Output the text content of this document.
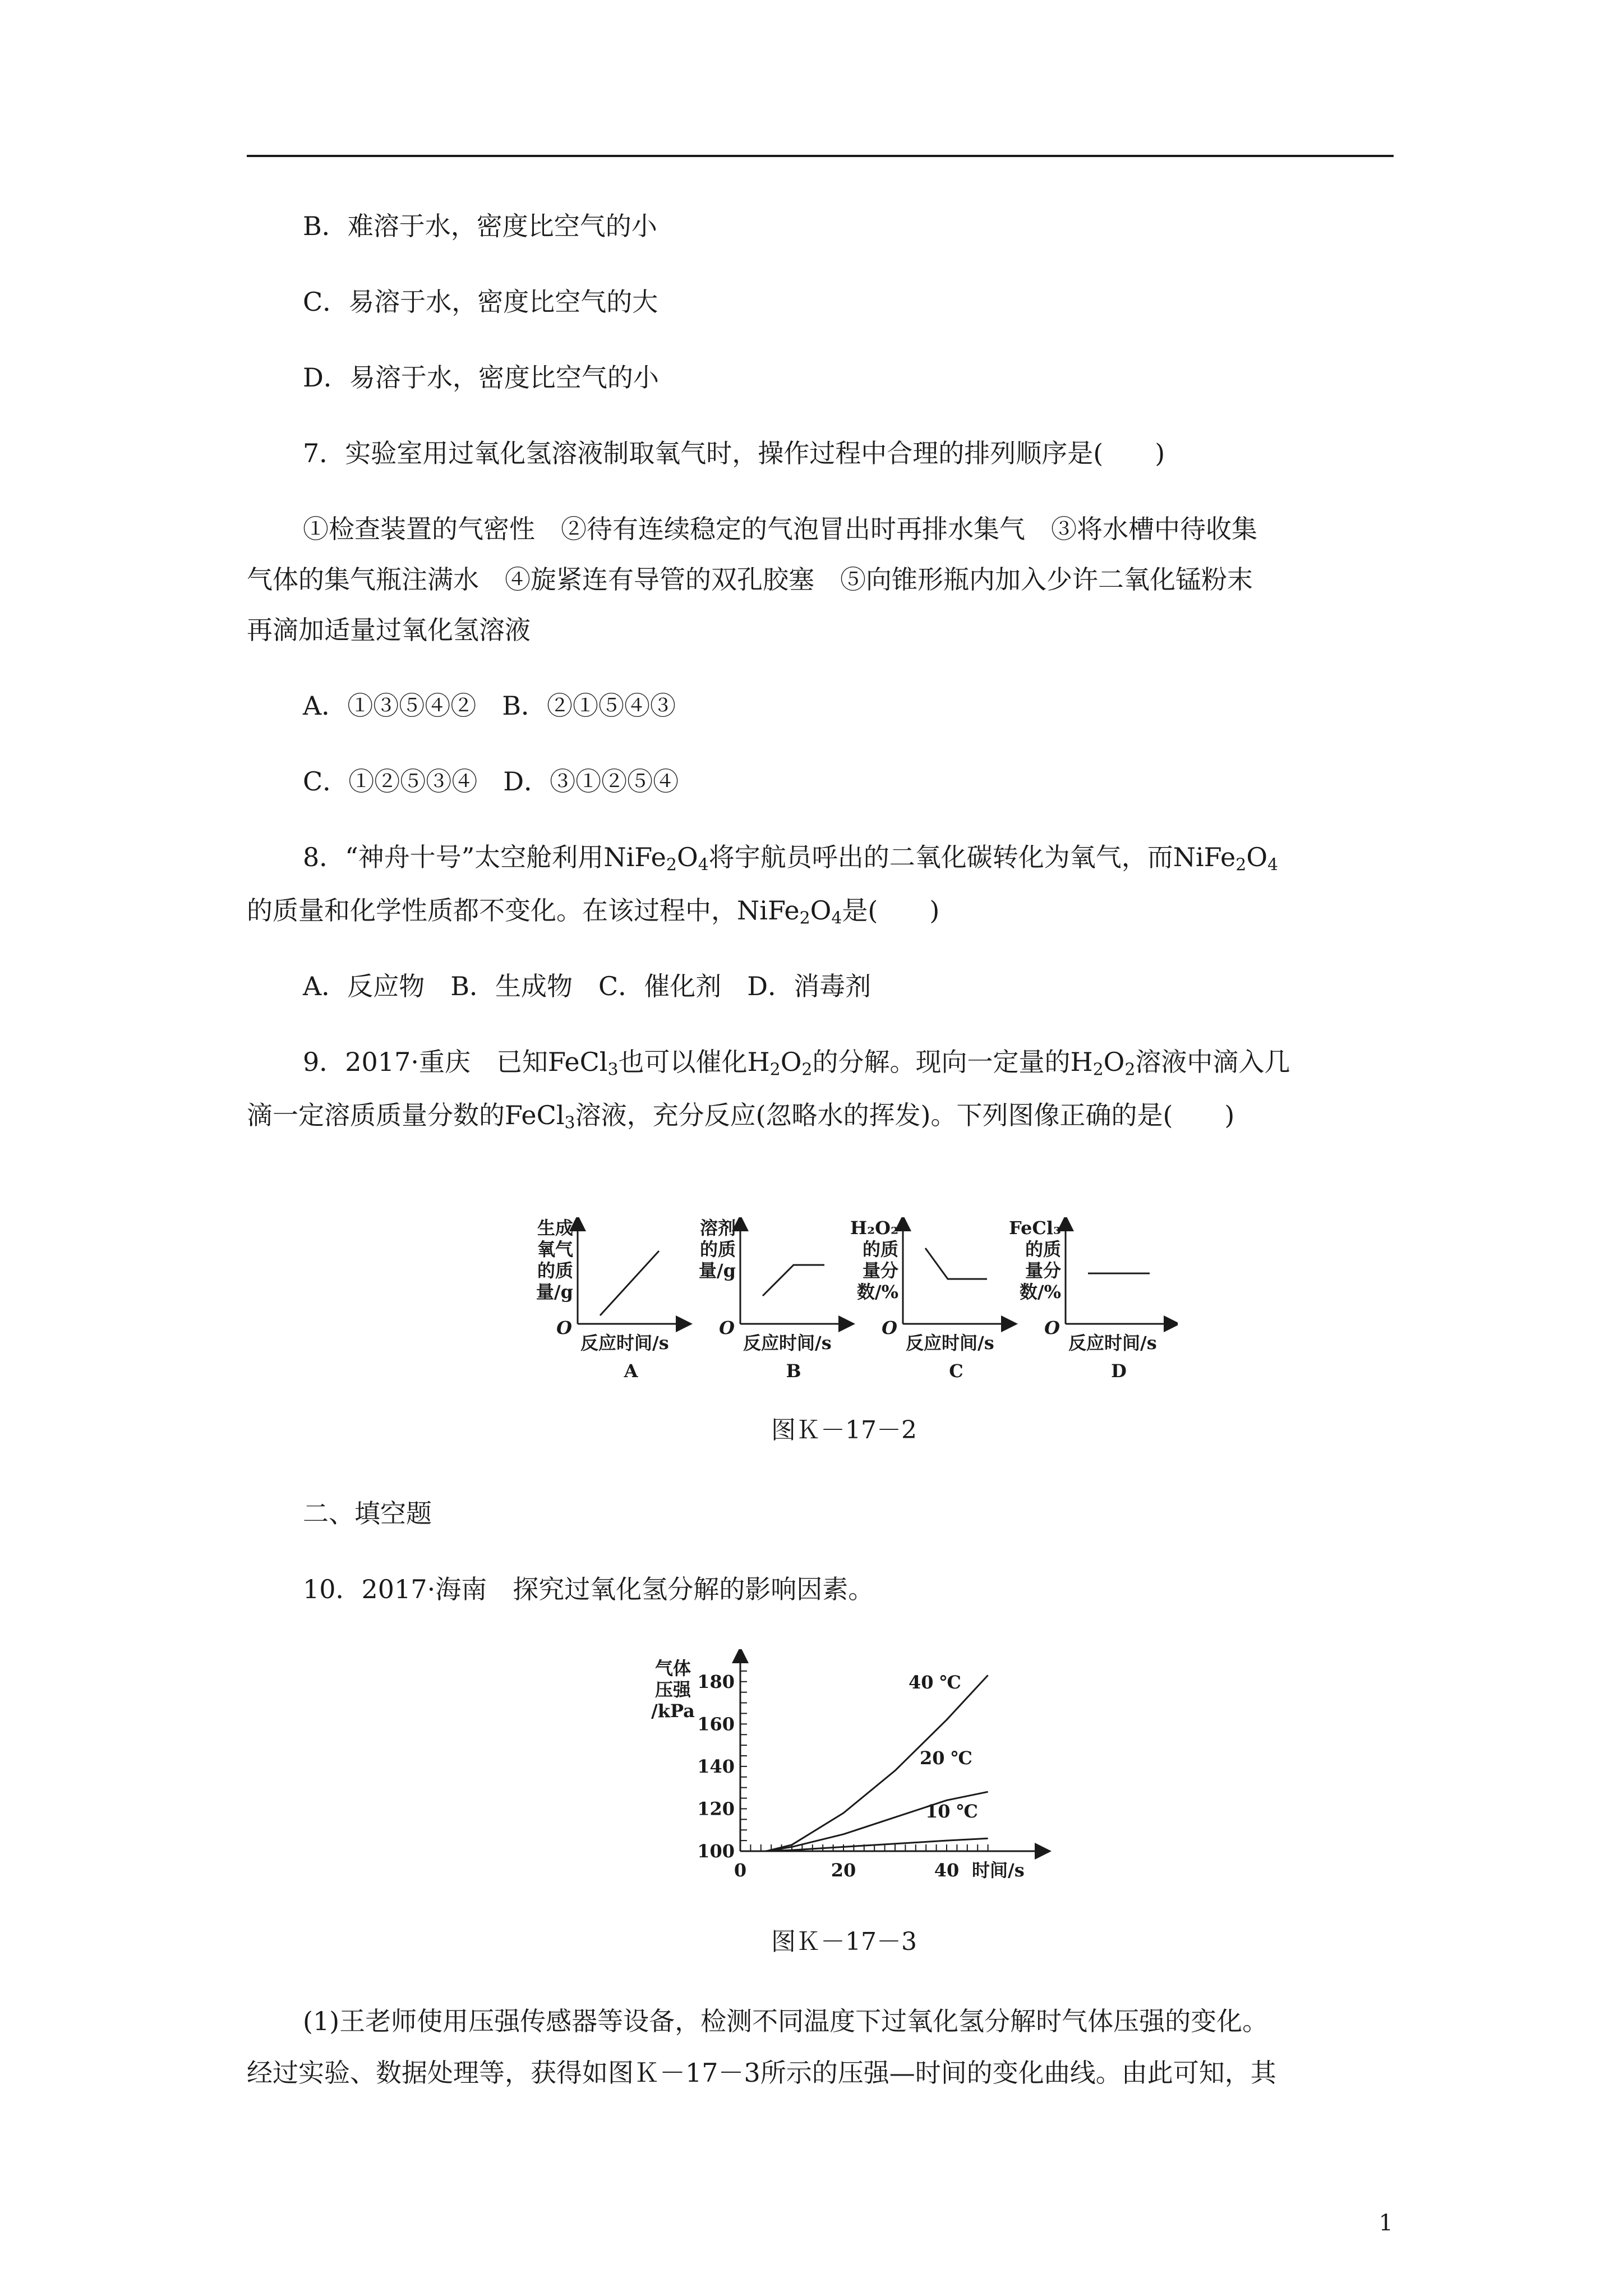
B．难溶于水，密度比空气的小
C．易溶于水，密度比空气的大
D．易溶于水，密度比空气的小
7．实验室用过氧化氢溶液制取氧气时，操作过程中合理的排列顺序是(　　)
①检查装置的气密性　②待有连续稳定的气泡冒出时再排水集气　③将水槽中待收集
气体的集气瓶注满水　④旋紧连有导管的双孔胶塞　⑤向锥形瓶内加入少许二氧化锰粉末
再滴加适量过氧化氢溶液
A．①③⑤④②　B．②①⑤④③
C．①②⑤③④　D．③①②⑤④
8．“神舟十号”太空舱利用$NiFe_2O_4$将宇航员呼出的二氧化碳转化为氧气，而$NiFe_2O_4$
的质量和化学性质都不变化。在该过程中，$NiFe_2O_4$是(　　)
A．反应物　B．生成物　C．催化剂　D．消毒剂
9．2017·重庆　已知FeCl$_3$也可以催化$H_2O_2$的分解。现向一定量的$H_2O_2$溶液中滴入几
滴一定溶质质量分数的FeCl$_3$溶液，充分反应(忽略水的挥发)。下列图像正确的是(　　)
生成
氧气
的质
量/g
O
反应时间/s
A
溶剂
的质
量/g
O
反应时间/s
B
H₂O₂
的质
量分
数/%
O
反应时间/s
C
FeCl₃
的质
量分
数/%
O
反应时间/s
D
图Ｋ－17－2
二、填空题
10．2017·海南　探究过氧化氢分解的影响因素。
气体
压强
/kPa
0	20	40 时间/s
100
120
140
160
180	40 ℃
20 ℃
10 ℃
图Ｋ－17－3
(1)王老师使用压强传感器等设备，检测不同温度下过氧化氢分解时气体压强的变化。
经过实验、数据处理等，获得如图Ｋ－17－3所示的压强—时间的变化曲线。由此可知，其
1
